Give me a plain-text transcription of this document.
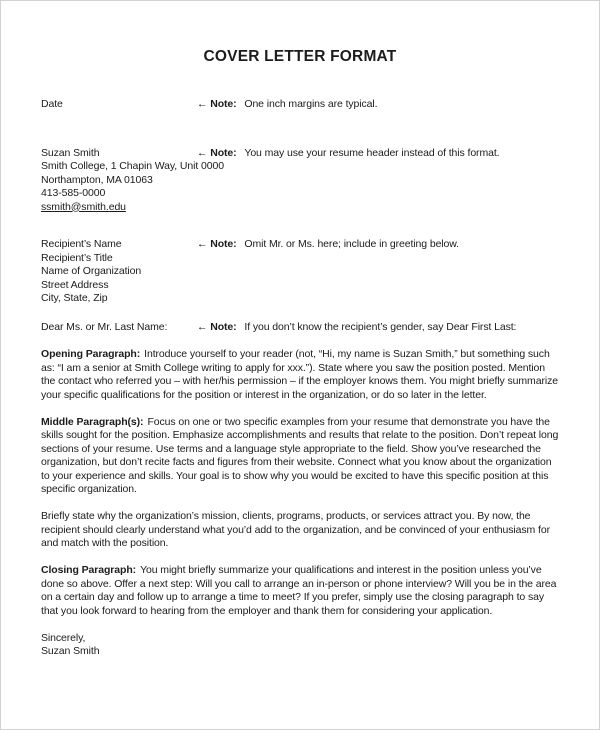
COVER LETTER FORMAT
Date	← Note: One inch margins are typical.
← Note: You may use your resume header instead of this format.
Suzan Smith
Smith College, 1 Chapin Way, Unit 0000
Northampton, MA 01063
413-585-0000
ssmith@smith.edu
← Note: Omit Mr. or Ms. here; include in greeting below.
Recipient’s Name
Recipient’s Title
Name of Organization
Street Address
City, State, Zip
Dear Ms. or Mr. Last Name:	← Note: If you don’t know the recipient’s gender, say Dear First Last:
Opening Paragraph: Introduce yourself to your reader (not, “Hi, my name is Suzan Smith,” but something such as: “I am a senior at Smith College writing to apply for xxx.”). State where you saw the position posted. Mention the contact who referred you – with her/his permission – if the employer knows them. You might briefly summarize your specific qualifications for the position or interest in the organization, or do so later in the letter.
Middle Paragraph(s): Focus on one or two specific examples from your resume that demonstrate you have the skills sought for the position. Emphasize accomplishments and results that relate to the position. Don’t repeat long sections of your resume. Use terms and a language style appropriate to the field. Show you’ve researched the organization, but don’t recite facts and figures from their website. Connect what you know about the organization to your experience and skills. Your goal is to show why you would be excited to have this specific position at this specific organization.
Briefly state why the organization’s mission, clients, programs, products, or services attract you. By now, the recipient should clearly understand what you’d add to the organization, and be convinced of your enthusiasm for and match with the position.
Closing Paragraph: You might briefly summarize your qualifications and interest in the position unless you’ve done so above. Offer a next step: Will you call to arrange an in-person or phone interview? Will you be in the area on a certain day and follow up to arrange a time to meet? If you prefer, simply use the closing paragraph to say that you look forward to hearing from the employer and thank them for considering your application.
Sincerely,
Suzan Smith
